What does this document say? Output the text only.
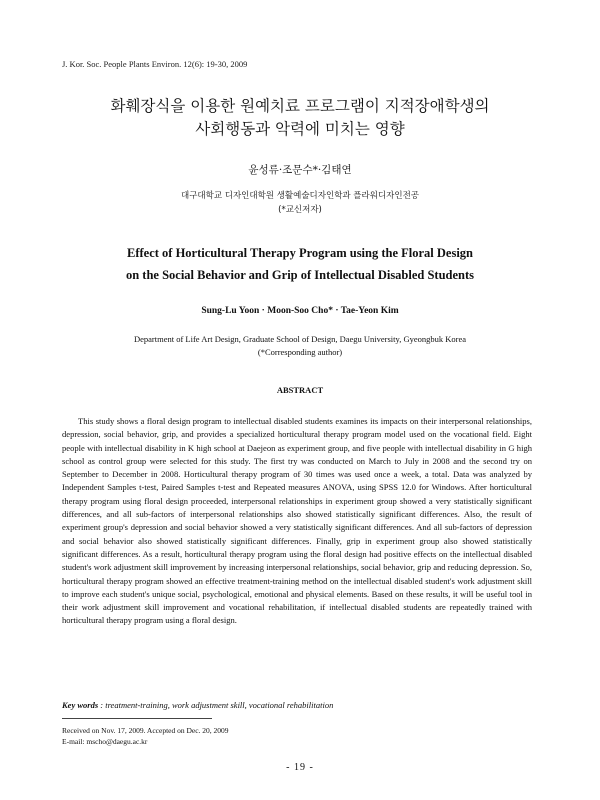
J. Kor. Soc. People Plants Environ. 12(6): 19-30, 2009
화훼장식을 이용한 원예치료 프로그램이 지적장애학생의
사회행동과 악력에 미치는 영향
윤성류·조문수*·김태연
대구대학교 디자인대학원 생활예술디자인학과 플라워디자인전공
(*교신저자)
Effect of Horticultural Therapy Program using the Floral Design
on the Social Behavior and Grip of Intellectual Disabled Students
Sung-Lu Yoon · Moon-Soo Cho* · Tae-Yeon Kim
Department of Life Art Design, Graduate School of Design, Daegu University, Gyeongbuk Korea
(*Corresponding author)
ABSTRACT

This study shows a floral design program to intellectual disabled students examines its impacts on their interpersonal relationships, depression, social behavior, grip, and provides a specialized horticultural therapy program model used on the vocational field. Eight people with intellectual disability in K high school at Daejeon as experiment group, and five people with intellectual disability in G high school as control group were selected for this study. The first try was conducted on March to July in 2008 and the second try on September to December in 2008. Horticultural therapy program of 30 times was used once a week, a total. Data was analyzed by Independent Samples t-test, Paired Samples t-test and Repeated measures ANOVA, using SPSS 12.0 for Windows. After horticultural therapy program using floral design proceeded, interpersonal relationships in experiment group showed a very statistically significant differences, and all sub-factors of interpersonal relationships also showed statistically significant differences. Also, the result of experiment group's depression and social behavior showed a very statistically significant differences. And all sub-factors of depression and social behavior also showed statistically significant differences. Finally, grip in experiment group also showed statistically significant differences. As a result, horticultural therapy program using the floral design had positive effects on the intellectual disabled student's work adjustment skill improvement by increasing interpersonal relationships, social behavior, grip and reducing depression. So, horticultural therapy program showed an effective treatment-training method on the intellectual disabled student's work adjustment skill to improve each student's unique social, psychological, emotional and physical elements. Based on these results, it will be useful tool in their work adjustment skill improvement and vocational rehabilitation, if intellectual disabled students are repeatedly trained with horticultural therapy program using a floral design.

Key words : treatment-training, work adjustment skill, vocational rehabilitation
Received on Nov. 17, 2009. Accepted on Dec. 20, 2009
E-mail: mscho@daegu.ac.kr
- 19 -
